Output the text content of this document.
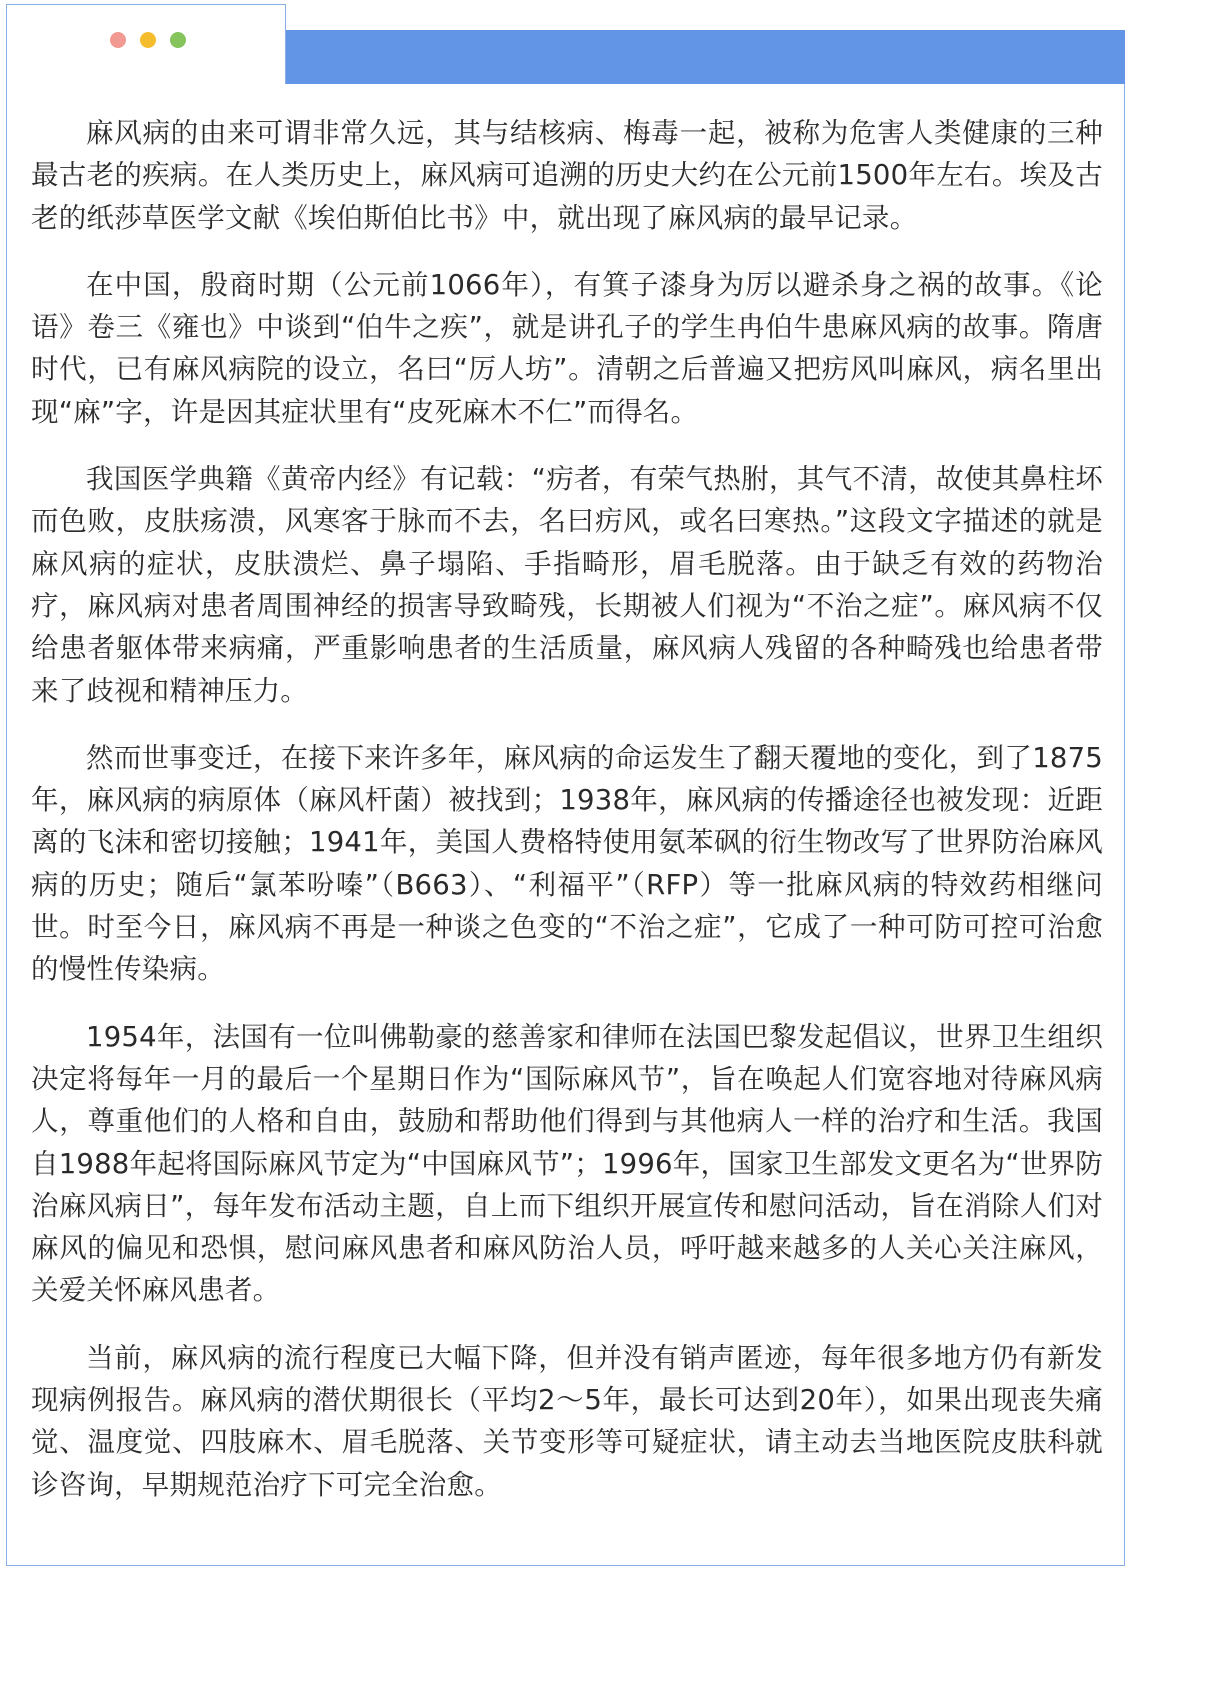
麻风病的由来可谓非常久远，其与结核病、梅毒一起，被称为危害人类健康的三种最古老的疾病。在人类历史上，麻风病可追溯的历史大约在公元前1500年左右。埃及古老的纸莎草医学文献《埃伯斯伯比书》中，就出现了麻风病的最早记录。

在中国，殷商时期（公元前1066年），有箕子漆身为厉以避杀身之祸的故事。《论语》卷三《雍也》中谈到“伯牛之疾”，就是讲孔子的学生冉伯牛患麻风病的故事。隋唐时代，已有麻风病院的设立，名曰“厉人坊”。清朝之后普遍又把疠风叫麻风，病名里出现“麻”字，许是因其症状里有“皮死麻木不仁”而得名。

我国医学典籍《黄帝内经》有记载：“疠者，有荣气热胕，其气不清，故使其鼻柱坏而色败，皮肤疡溃，风寒客于脉而不去，名曰疠风，或名曰寒热。”这段文字描述的就是麻风病的症状，皮肤溃烂、鼻子塌陷、手指畸形，眉毛脱落。由于缺乏有效的药物治疗，麻风病对患者周围神经的损害导致畸残，长期被人们视为“不治之症”。麻风病不仅给患者躯体带来病痛，严重影响患者的生活质量，麻风病人残留的各种畸残也给患者带来了歧视和精神压力。

然而世事变迁，在接下来许多年，麻风病的命运发生了翻天覆地的变化，到了1875年，麻风病的病原体（麻风杆菌）被找到；1938年，麻风病的传播途径也被发现：近距离的飞沫和密切接触；1941年，美国人费格特使用氨苯砜的衍生物改写了世界防治麻风病的历史；随后“氯苯吩嗪”（B663）、“利福平”（RFP）等一批麻风病的特效药相继问世。时至今日，麻风病不再是一种谈之色变的“不治之症”，它成了一种可防可控可治愈的慢性传染病。

1954年，法国有一位叫佛勒豪的慈善家和律师在法国巴黎发起倡议，世界卫生组织决定将每年一月的最后一个星期日作为“国际麻风节”，旨在唤起人们宽容地对待麻风病人，尊重他们的人格和自由，鼓励和帮助他们得到与其他病人一样的治疗和生活。我国自1988年起将国际麻风节定为“中国麻风节”；1996年，国家卫生部发文更名为“世界防治麻风病日”，每年发布活动主题，自上而下组织开展宣传和慰问活动，旨在消除人们对麻风的偏见和恐惧，慰问麻风患者和麻风防治人员，呼吁越来越多的人关心关注麻风，关爱关怀麻风患者。

当前，麻风病的流行程度已大幅下降，但并没有销声匿迹，每年很多地方仍有新发现病例报告。麻风病的潜伏期很长（平均2～5年，最长可达到20年），如果出现丧失痛觉、温度觉、四肢麻木、眉毛脱落、关节变形等可疑症状，请主动去当地医院皮肤科就诊咨询，早期规范治疗下可完全治愈。
